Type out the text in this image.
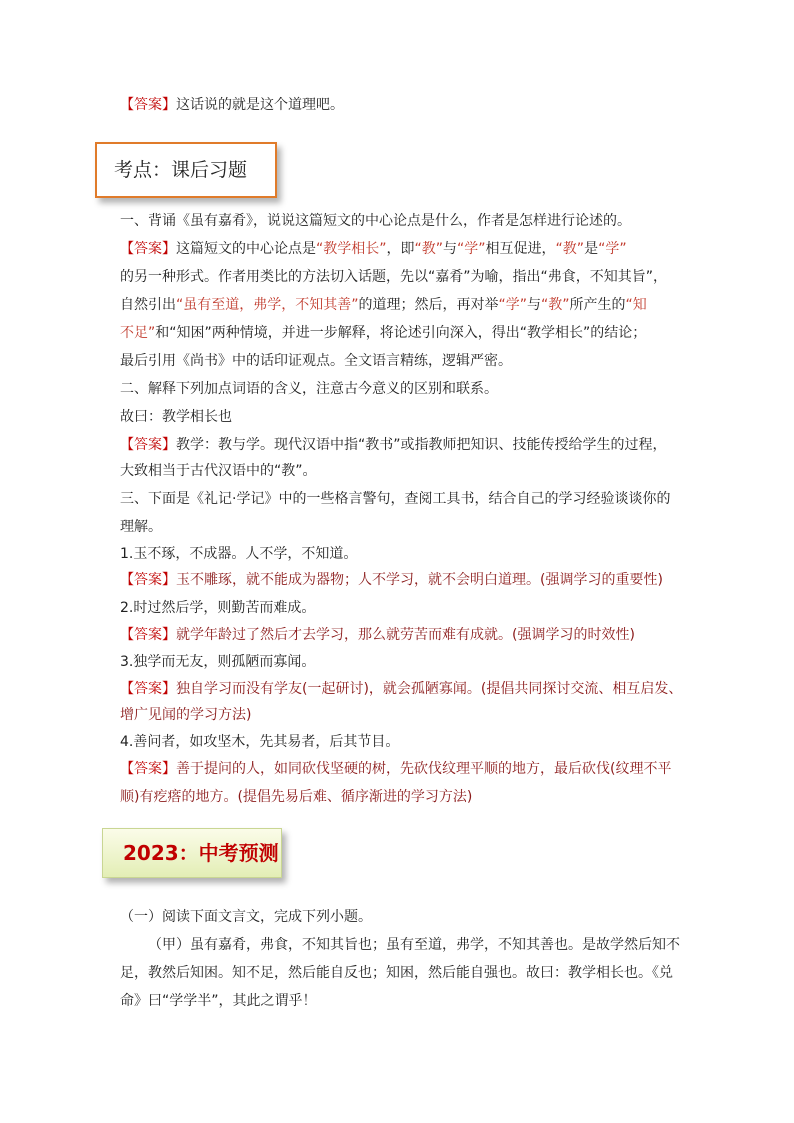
【答案】这话说的就是这个道理吧。
考点：课后习题
一、背诵《虽有嘉肴》，说说这篇短文的中心论点是什么，作者是怎样进行论述的。
【答案】这篇短文的中心论点是“教学相长”，即“教”与“学”相互促进，“教”是“学”
的另一种形式。作者用类比的方法切入话题，先以“嘉肴”为喻，指出“弗食，不知其旨”，
自然引出“虽有至道，弗学，不知其善”的道理；然后，再对举“学”与“教”所产生的“知
不足”和“知困”两种情境，并进一步解释，将论述引向深入，得出“教学相长”的结论；
最后引用《尚书》中的话印证观点。全文语言精练，逻辑严密。
二、解释下列加点词语的含义，注意古今意义的区别和联系。
故曰：教学相长也
【答案】教学：教与学。现代汉语中指“教书”或指教师把知识、技能传授给学生的过程，
大致相当于古代汉语中的“教”。
三、下面是《礼记·学记》中的一些格言警句，查阅工具书，结合自己的学习经验谈谈你的
理解。
1.玉不琢，不成器。人不学，不知道。
【答案】玉不雕琢，就不能成为器物；人不学习，就不会明白道理。(强调学习的重要性)
2.时过然后学，则勤苦而难成。
【答案】就学年龄过了然后才去学习，那么就劳苦而难有成就。(强调学习的时效性)
3.独学而无友，则孤陋而寡闻。
【答案】独自学习而没有学友(一起研讨)，就会孤陋寡闻。(提倡共同探讨交流、相互启发、
增广见闻的学习方法)
4.善问者，如攻坚木，先其易者，后其节目。
【答案】善于提问的人，如同砍伐坚硬的树，先砍伐纹理平顺的地方，最后砍伐(纹理不平
顺)有疙瘩的地方。(提倡先易后难、循序渐进的学习方法)
2023：中考预测
（一）阅读下面文言文，完成下列小题。
（甲）虽有嘉肴，弗食，不知其旨也；虽有至道，弗学，不知其善也。是故学然后知不
足，教然后知困。知不足，然后能自反也；知困，然后能自强也。故曰：教学相长也。《兑
命》曰“学学半”，其此之谓乎！
